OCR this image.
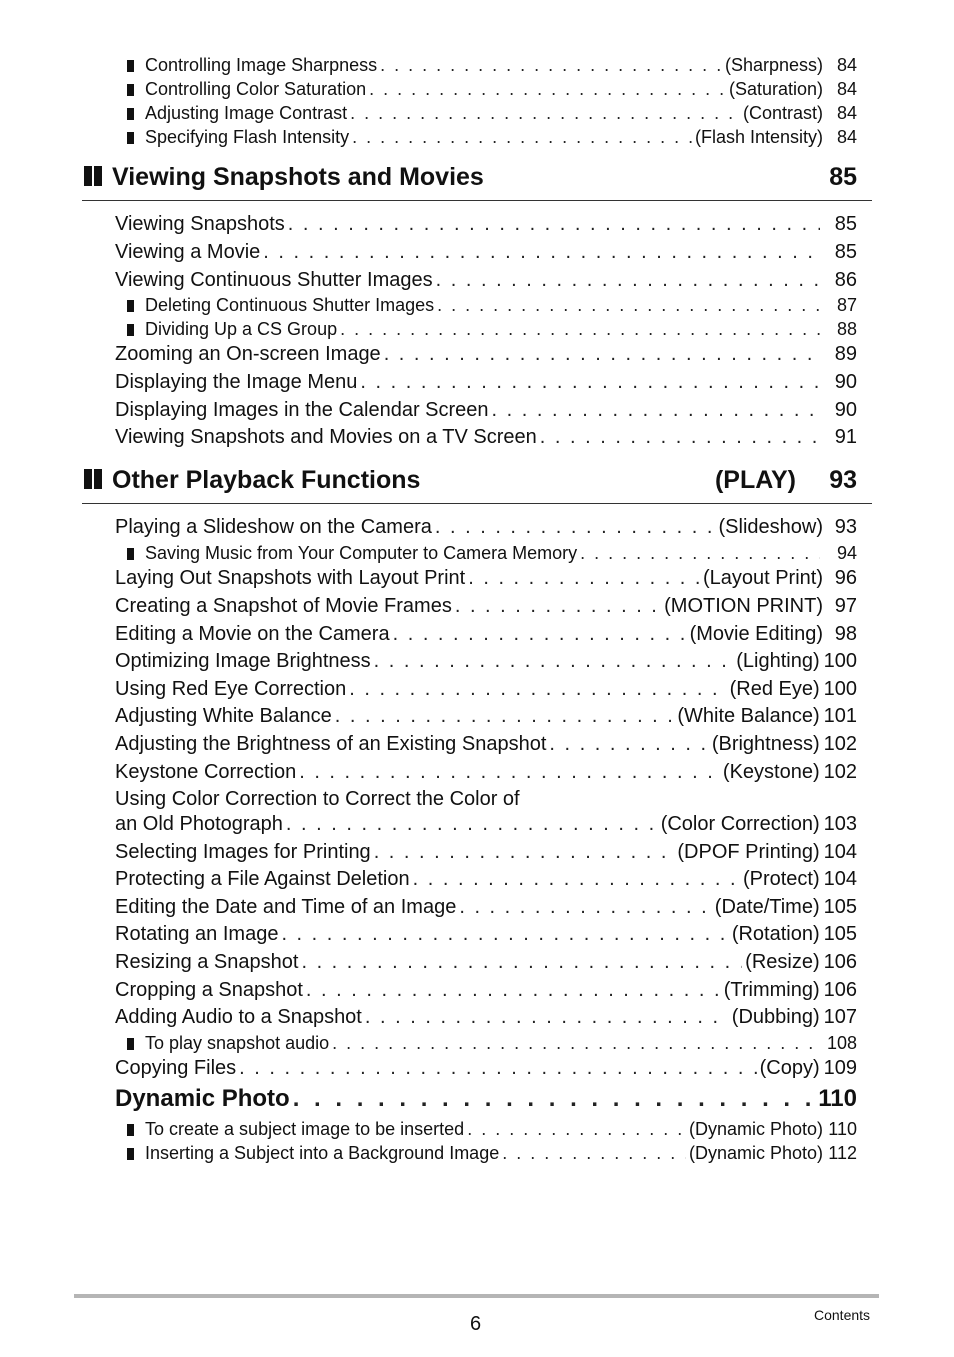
Controlling Image Sharpness . . .	(Sharpness) 84
Controlling Color Saturation . . .	(Saturation) 84
Adjusting Image Contrast . . .	(Contrast) 84
Specifying Flash Intensity . . .	(Flash Intensity) 84
Viewing Snapshots and Movies	85
Viewing Snapshots . . .	85
Viewing a Movie . . .	85
Viewing Continuous Shutter Images . . .	86
Deleting Continuous Shutter Images . . .	87
Dividing Up a CS Group . . .	88
Zooming an On-screen Image . . .	89
Displaying the Image Menu . . .	90
Displaying Images in the Calendar Screen . . .	90
Viewing Snapshots and Movies on a TV Screen . . .	91
Other Playback Functions	(PLAY) 93
Playing a Slideshow on the Camera . . .	(Slideshow) 93
Saving Music from Your Computer to Camera Memory . . .	94
Laying Out Snapshots with Layout Print . . .	(Layout Print) 96
Creating a Snapshot of Movie Frames . . .	(MOTION PRINT) 97
Editing a Movie on the Camera . . .	(Movie Editing) 98
Optimizing Image Brightness . . .	(Lighting) 100
Using Red Eye Correction . . .	(Red Eye) 100
Adjusting White Balance . . .	(White Balance) 101
Adjusting the Brightness of an Existing Snapshot . . .	(Brightness) 102
Keystone Correction . . .	(Keystone) 102
Using Color Correction to Correct the Color of
an Old Photograph . . .	(Color Correction) 103
Selecting Images for Printing . . .	(DPOF Printing) 104
Protecting a File Against Deletion . . .	(Protect) 104
Editing the Date and Time of an Image . . .	(Date/Time) 105
Rotating an Image . . .	(Rotation) 105
Resizing a Snapshot . . .	(Resize) 106
Cropping a Snapshot . . .	(Trimming) 106
Adding Audio to a Snapshot . . .	(Dubbing) 107
To play snapshot audio . . .	108
Copying Files . . .	(Copy) 109
Dynamic Photo . . .	110
To create a subject image to be inserted . . .	(Dynamic Photo) 110
Inserting a Subject into a Background Image . . .	(Dynamic Photo) 112
6	Contents
